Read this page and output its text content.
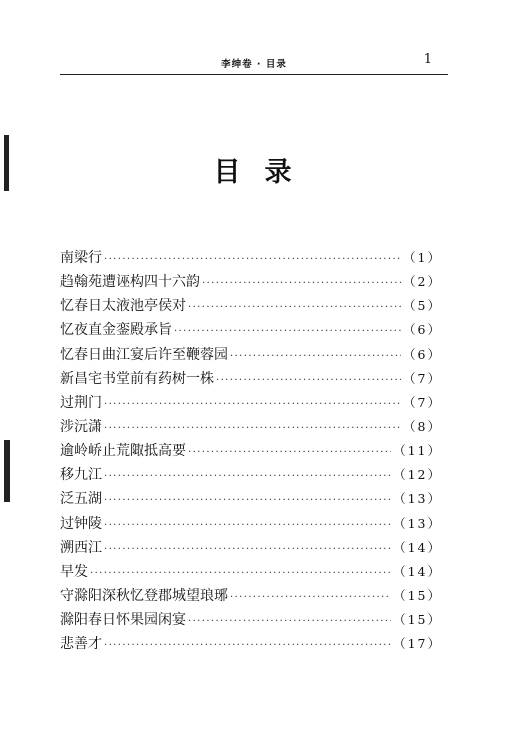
李绅卷 · 目录	1
目录
南梁行 ·····	（1）
趋翰苑遭诬构四十六韵 ·····	（2）
忆春日太液池亭侯对 ·····	（5）
忆夜直金銮殿承旨 ·····	（6）
忆春日曲江宴后许至鞭蓉园 ·····	（6）
新昌宅书堂前有药树一株 ·····	（7）
过荆门 ·····	（7）
涉沅潇 ·····	（8）
逾岭峤止荒陬抵高要 ·····	（11）
移九江 ·····	（12）
泛五湖 ·····	（13）
过钟陵 ·····	（13）
溯西江 ·····	（14）
早发 ·····	（14）
守滁阳深秋忆登郡城望琅琊 ·····	（15）
滁阳春日怀果园闲宴 ·····	（15）
悲善才 ·····	（17）
